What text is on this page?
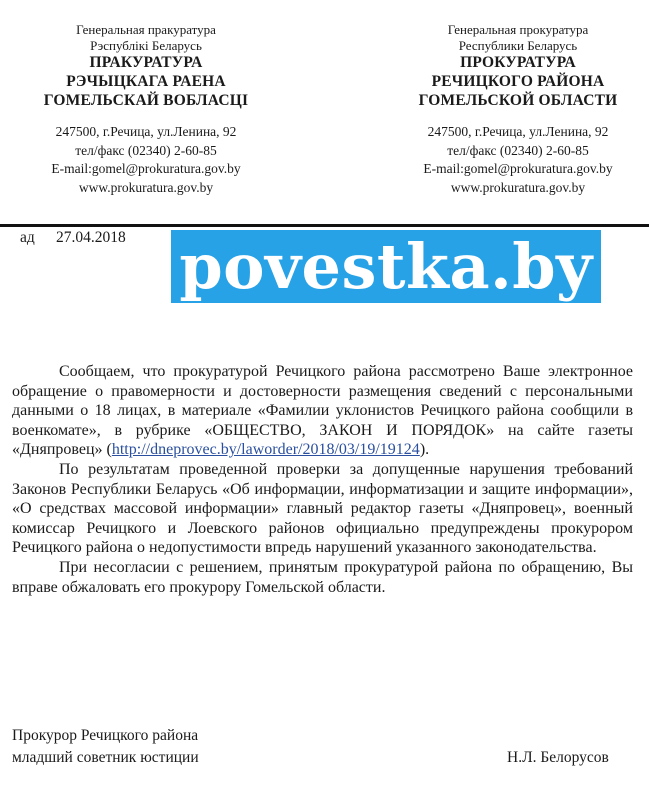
Генеральная пракуратура
Рэспублікі Беларусь
ПРАКУРАТУРА
РЭЧЫЦКАГА РАЕНА
ГОМЕЛЬСКАЙ ВОБЛАСЦІ
247500, г.Речица, ул.Ленина, 92
тел/факс (02340) 2-60-85
E-mail:gomel@prokuratura.gov.by
www.prokuratura.gov.by
Генеральная прокуратура
Республики Беларусь
ПРОКУРАТУРА
РЕЧИЦКОГО РАЙОНА
ГОМЕЛЬСКОЙ ОБЛАСТИ
247500, г.Речица, ул.Ленина, 92
тел/факс (02340) 2-60-85
E-mail:gomel@prokuratura.gov.by
www.prokuratura.gov.by
ад 27.04.2018 povestka.by

Сообщаем, что прокуратурой Речицкого района рассмотрено Ваше электронное обращение о правомерности и достоверности размещения сведений с персональными данными о 18 лицах, в материале «Фамилии уклонистов Речицкого района сообщили в военкомате», в рубрике «ОБЩЕСТВО, ЗАКОН И ПОРЯДОК» на сайте газеты «Дняпровец» (http://dneprovec.by/laworder/2018/03/19/19124).

По результатам проведенной проверки за допущенные нарушения требований Законов Республики Беларусь «Об информации, информатизации и защите информации», «О средствах массовой информации» главный редактор газеты «Дняпровец», военный комиссар Речицкого и Лоевского районов официально предупреждены прокурором Речицкого района о недопустимости впредь нарушений указанного законодательства.

При несогласии с решением, принятым прокуратурой района по обращению, Вы вправе обжаловать его прокурору Гомельской области.

Прокурор Речицкого района
младший советник юстиции	Н.Л. Белорусов
